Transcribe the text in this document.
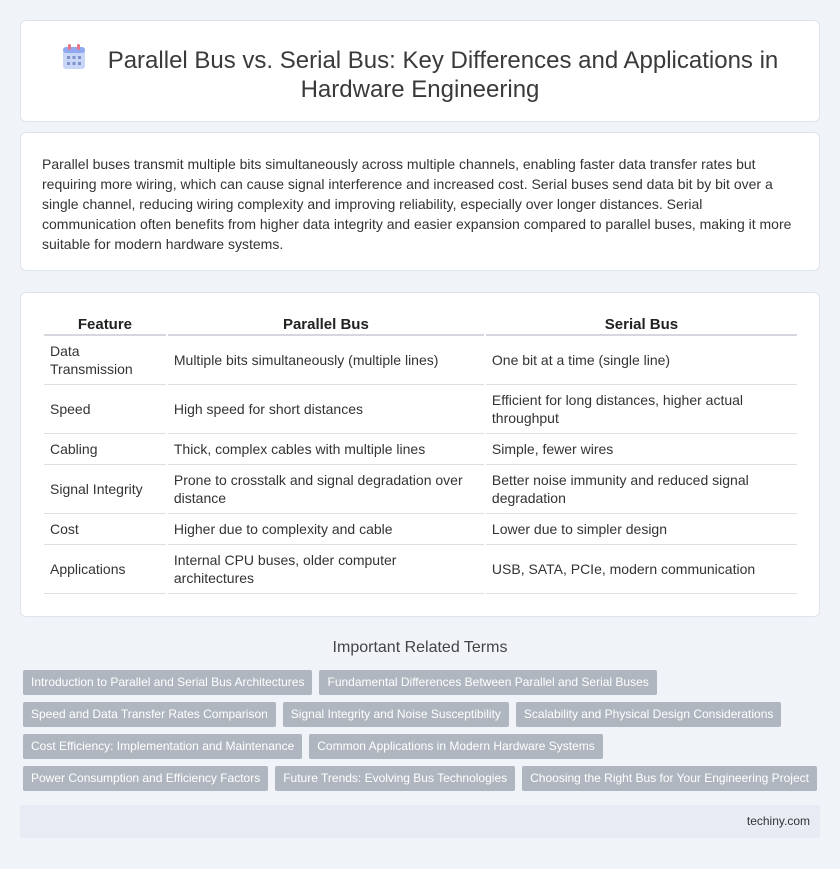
Parallel Bus vs. Serial Bus: Key Differences and Applications in Hardware Engineering

Parallel buses transmit multiple bits simultaneously across multiple channels, enabling faster data transfer rates but requiring more wiring, which can cause signal interference and increased cost. Serial buses send data bit by bit over a single channel, reducing wiring complexity and improving reliability, especially over longer distances. Serial communication often benefits from higher data integrity and easier expansion compared to parallel buses, making it more suitable for modern hardware systems.

Feature	Parallel Bus	Serial Bus
Data Transmission	Multiple bits simultaneously (multiple lines)	One bit at a time (single line)
Speed	High speed for short distances	Efficient for long distances, higher actual throughput
Cabling	Thick, complex cables with multiple lines	Simple, fewer wires
Signal Integrity	Prone to crosstalk and signal degradation over distance	Better noise immunity and reduced signal degradation
Cost	Higher due to complexity and cable	Lower due to simpler design
Applications	Internal CPU buses, older computer architectures	USB, SATA, PCIe, modern communication
Important Related Terms
Introduction to Parallel and Serial Bus Architectures	Fundamental Differences Between Parallel and Serial Buses
Speed and Data Transfer Rates Comparison	Signal Integrity and Noise Susceptibility	Scalability and Physical Design Considerations
Cost Efficiency: Implementation and Maintenance	Common Applications in Modern Hardware Systems
Power Consumption and Efficiency Factors	Future Trends: Evolving Bus Technologies	Choosing the Right Bus for Your Engineering Project
techiny.com
